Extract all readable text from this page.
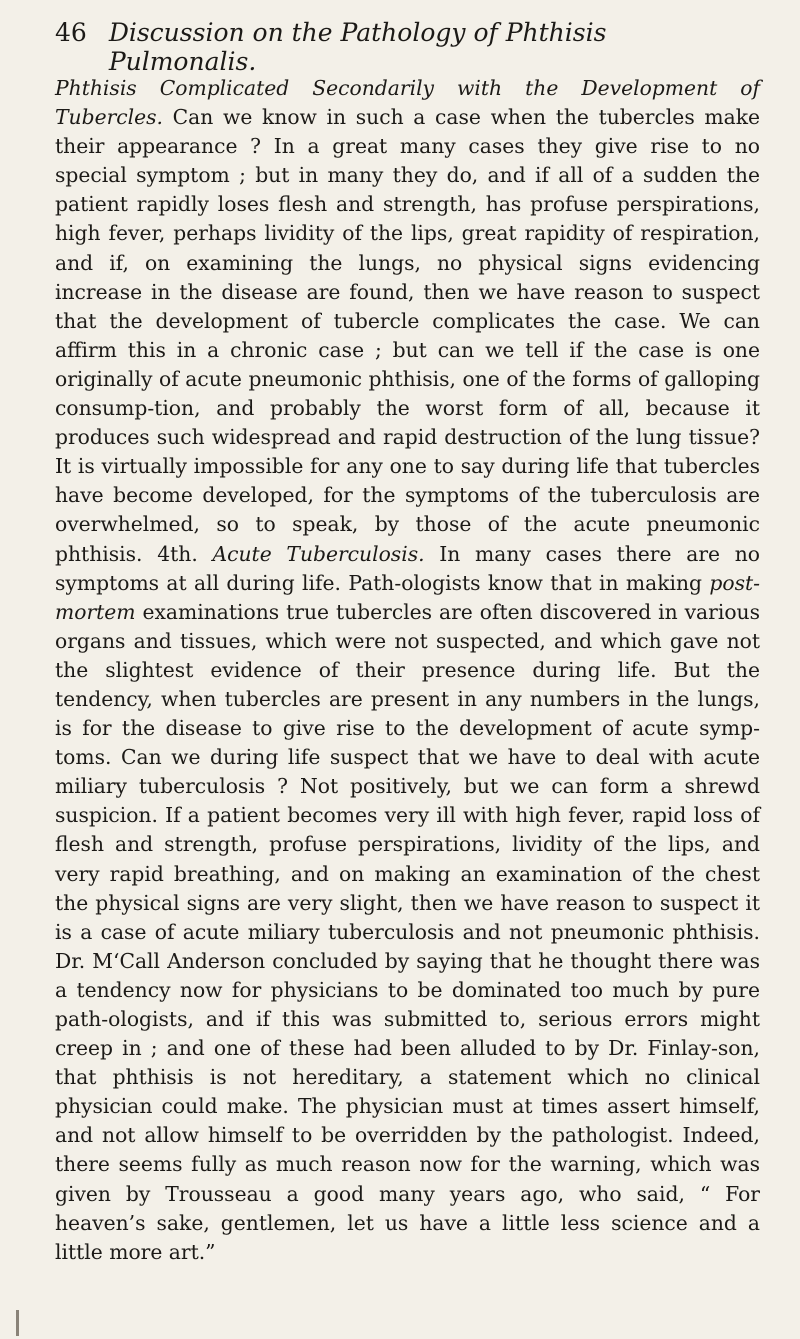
46 Discussion on the Pathology of Phthisis Pulmonalis.

Phthisis Complicated Secondarily with the Development of Tubercles. Can we know in such a case when the tubercles make their appearance ? In a great many cases they give rise to no special symptom ; but in many they do, and if all of a sudden the patient rapidly loses flesh and strength, has profuse perspirations, high fever, perhaps lividity of the lips, great rapidity of respiration, and if, on examining the lungs, no physical signs evidencing increase in the disease are found, then we have reason to suspect that the development of tubercle complicates the case. We can affirm this in a chronic case ; but can we tell if the case is one originally of acute pneumonic phthisis, one of the forms of galloping consump-tion, and probably the worst form of all, because it produces such widespread and rapid destruction of the lung tissue? It is virtually impossible for any one to say during life that tubercles have become developed, for the symptoms of the tuberculosis are overwhelmed, so to speak, by those of the acute pneumonic phthisis. 4th. Acute Tuberculosis. In many cases there are no symptoms at all during life. Path-ologists know that in making post-mortem examinations true tubercles are often discovered in various organs and tissues, which were not suspected, and which gave not the slightest evidence of their presence during life. But the tendency, when tubercles are present in any numbers in the lungs, is for the disease to give rise to the development of acute symp-toms. Can we during life suspect that we have to deal with acute miliary tuberculosis ? Not positively, but we can form a shrewd suspicion. If a patient becomes very ill with high fever, rapid loss of flesh and strength, profuse perspirations, lividity of the lips, and very rapid breathing, and on making an examination of the chest the physical signs are very slight, then we have reason to suspect it is a case of acute miliary tuberculosis and not pneumonic phthisis. Dr. M‘Call Anderson concluded by saying that he thought there was a tendency now for physicians to be dominated too much by pure path-ologists, and if this was submitted to, serious errors might creep in ; and one of these had been alluded to by Dr. Finlay-son, that phthisis is not hereditary, a statement which no clinical physician could make. The physician must at times assert himself, and not allow himself to be overridden by the pathologist. Indeed, there seems fully as much reason now for the warning, which was given by Trousseau a good many years ago, who said, “ For heaven’s sake, gentlemen, let us have a little less science and a little more art.”
